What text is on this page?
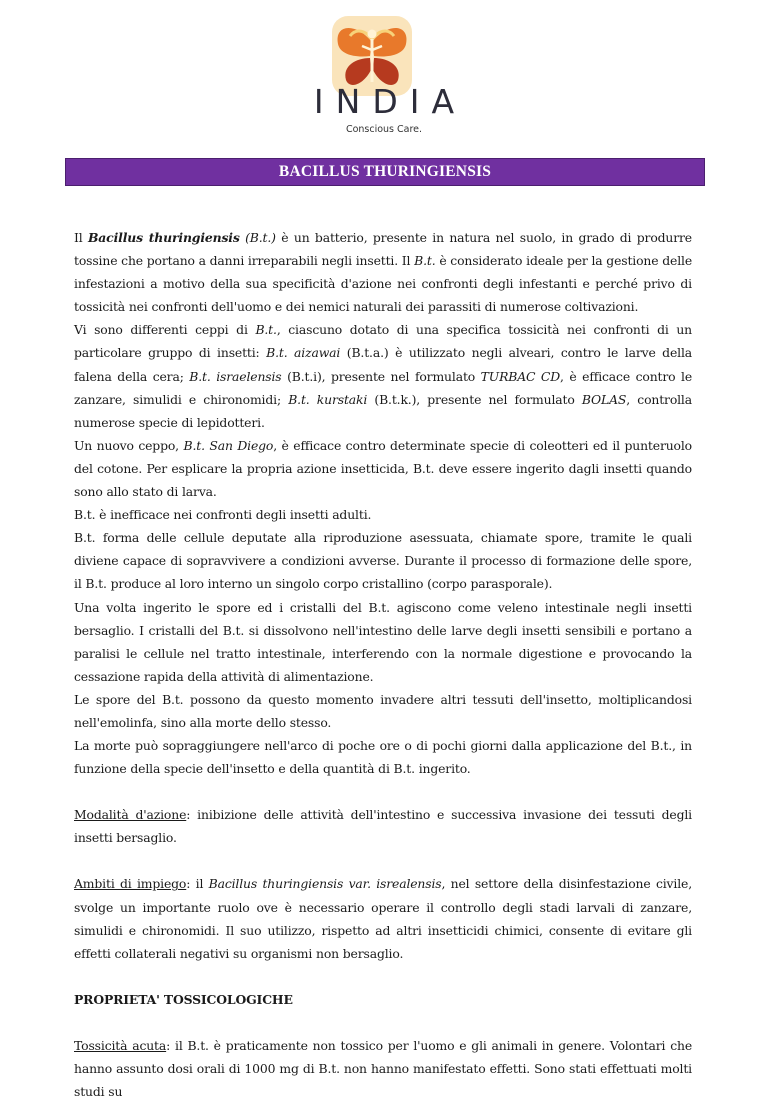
INDIA
Conscious Care.
BACILLUS THURINGIENSIS

Il Bacillus thuringiensis (B.t.) è un batterio, presente in natura nel suolo, in grado di produrre tossine che portano a danni irreparabili negli insetti. Il B.t. è considerato ideale per la gestione delle infestazioni a motivo della sua specificità d'azione nei confronti degli infestanti e perché privo di tossicità nei confronti dell'uomo e dei nemici naturali dei parassiti di numerose coltivazioni.

Vi sono differenti ceppi di B.t., ciascuno dotato di una specifica tossicità nei confronti di un particolare gruppo di insetti: B.t. aizawai (B.t.a.) è utilizzato negli alveari, contro le larve della falena della cera; B.t. israelensis (B.t.i), presente nel formulato TURBAC CD, è efficace contro le zanzare, simulidi e chironomidi; B.t. kurstaki (B.t.k.), presente nel formulato BOLAS, controlla numerose specie di lepidotteri.

Un nuovo ceppo, B.t. San Diego, è efficace contro determinate specie di coleotteri ed il punteruolo del cotone. Per esplicare la propria azione insetticida, B.t. deve essere ingerito dagli insetti quando sono allo stato di larva.

B.t. è inefficace nei confronti degli insetti adulti.

B.t. forma delle cellule deputate alla riproduzione asessuata, chiamate spore, tramite le quali diviene capace di sopravvivere a condizioni avverse. Durante il processo di formazione delle spore, il B.t. produce al loro interno un singolo corpo cristallino (corpo parasporale).

Una volta ingerito le spore ed i cristalli del B.t. agiscono come veleno intestinale negli insetti bersaglio. I cristalli del B.t. si dissolvono nell'intestino delle larve degli insetti sensibili e portano a paralisi le cellule nel tratto intestinale, interferendo con la normale digestione e provocando la cessazione rapida della attività di alimentazione.

Le spore del B.t. possono da questo momento invadere altri tessuti dell'insetto, moltiplicandosi nell'emolinfa, sino alla morte dello stesso.

La morte può sopraggiungere nell'arco di poche ore o di pochi giorni dalla applicazione del B.t., in funzione della specie dell'insetto e della quantità di B.t. ingerito.

Modalità d'azione: inibizione delle attività dell'intestino e successiva invasione dei tessuti degli insetti bersaglio.

Ambiti di impiego: il Bacillus thuringiensis var. isrealensis, nel settore della disinfestazione civile, svolge un importante ruolo ove è necessario operare il controllo degli stadi larvali di zanzare, simulidi e chironomidi. Il suo utilizzo, rispetto ad altri insetticidi chimici, consente di evitare gli effetti collaterali negativi su organismi non bersaglio.

PROPRIETA' TOSSICOLOGICHE

Tossicità acuta: il B.t. è praticamente non tossico per l'uomo e gli animali in genere. Volontari che hanno assunto dosi orali di 1000 mg di B.t. non hanno manifestato effetti. Sono stati effettuati molti studi su
